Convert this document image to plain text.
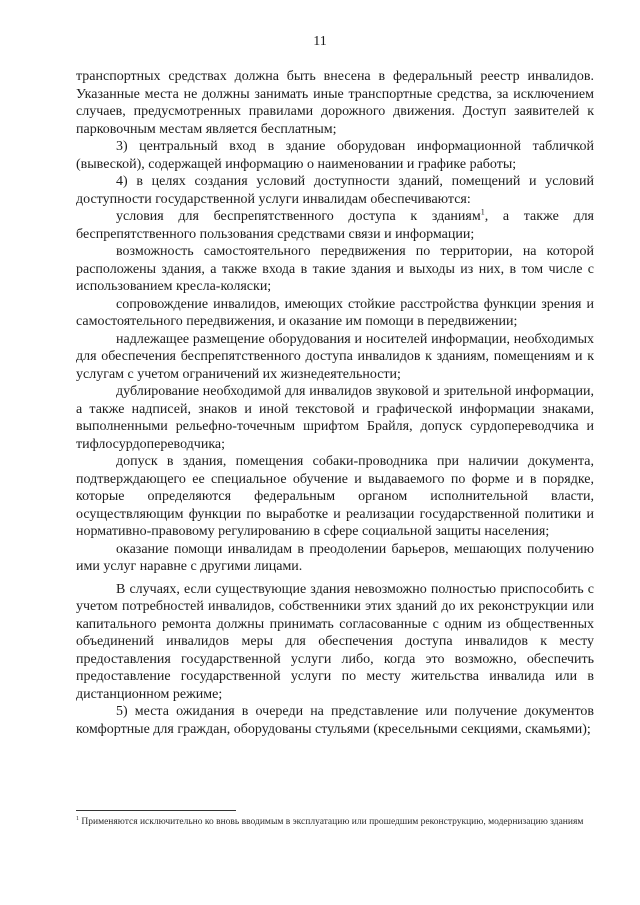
11

транспортных средствах должна быть внесена в федеральный реестр инвалидов. Указанные места не должны занимать иные транспортные средства, за исключением случаев, предусмотренных правилами дорожного движения. Доступ заявителей к парковочным местам является бесплатным;

3) центральный вход в здание оборудован информационной табличкой (вывеской), содержащей информацию о наименовании и графике работы;

4) в целях создания условий доступности зданий, помещений и условий доступности государственной услуги инвалидам обеспечиваются:

условия для беспрепятственного доступа к зданиям$^1$, а также для беспрепятственного пользования средствами связи и информации;

возможность самостоятельного передвижения по территории, на которой расположены здания, а также входа в такие здания и выходы из них, в том числе с использованием кресла-коляски;

сопровождение инвалидов, имеющих стойкие расстройства функции зрения и самостоятельного передвижения, и оказание им помощи в передвижении;

надлежащее размещение оборудования и носителей информации, необходимых для обеспечения беспрепятственного доступа инвалидов к зданиям, помещениям и к услугам с учетом ограничений их жизнедеятельности;

дублирование необходимой для инвалидов звуковой и зрительной информации, а также надписей, знаков и иной текстовой и графической информации знаками, выполненными рельефно-точечным шрифтом Брайля, допуск сурдопереводчика и тифлосурдопереводчика;

допуск в здания, помещения собаки-проводника при наличии документа, подтверждающего ее специальное обучение и выдаваемого по форме и в порядке, которые определяются федеральным органом исполнительной власти, осуществляющим функции по выработке и реализации государственной политики и нормативно-правовому регулированию в сфере социальной защиты населения;

оказание помощи инвалидам в преодолении барьеров, мешающих получению ими услуг наравне с другими лицами.

В случаях, если существующие здания невозможно полностью приспособить с учетом потребностей инвалидов, собственники этих зданий до их реконструкции или капитального ремонта должны принимать согласованные с одним из общественных объединений инвалидов меры для обеспечения доступа инвалидов к месту предоставления государственной услуги либо, когда это возможно, обеспечить предоставление государственной услуги по месту жительства инвалида или в дистанционном режиме;

5) места ожидания в очереди на представление или получение документов комфортные для граждан, оборудованы стульями (кресельными секциями, скамьями);

$^1$ Применяются исключительно ко вновь вводимым в эксплуатацию или прошедшим реконструкцию, модернизацию зданиям
